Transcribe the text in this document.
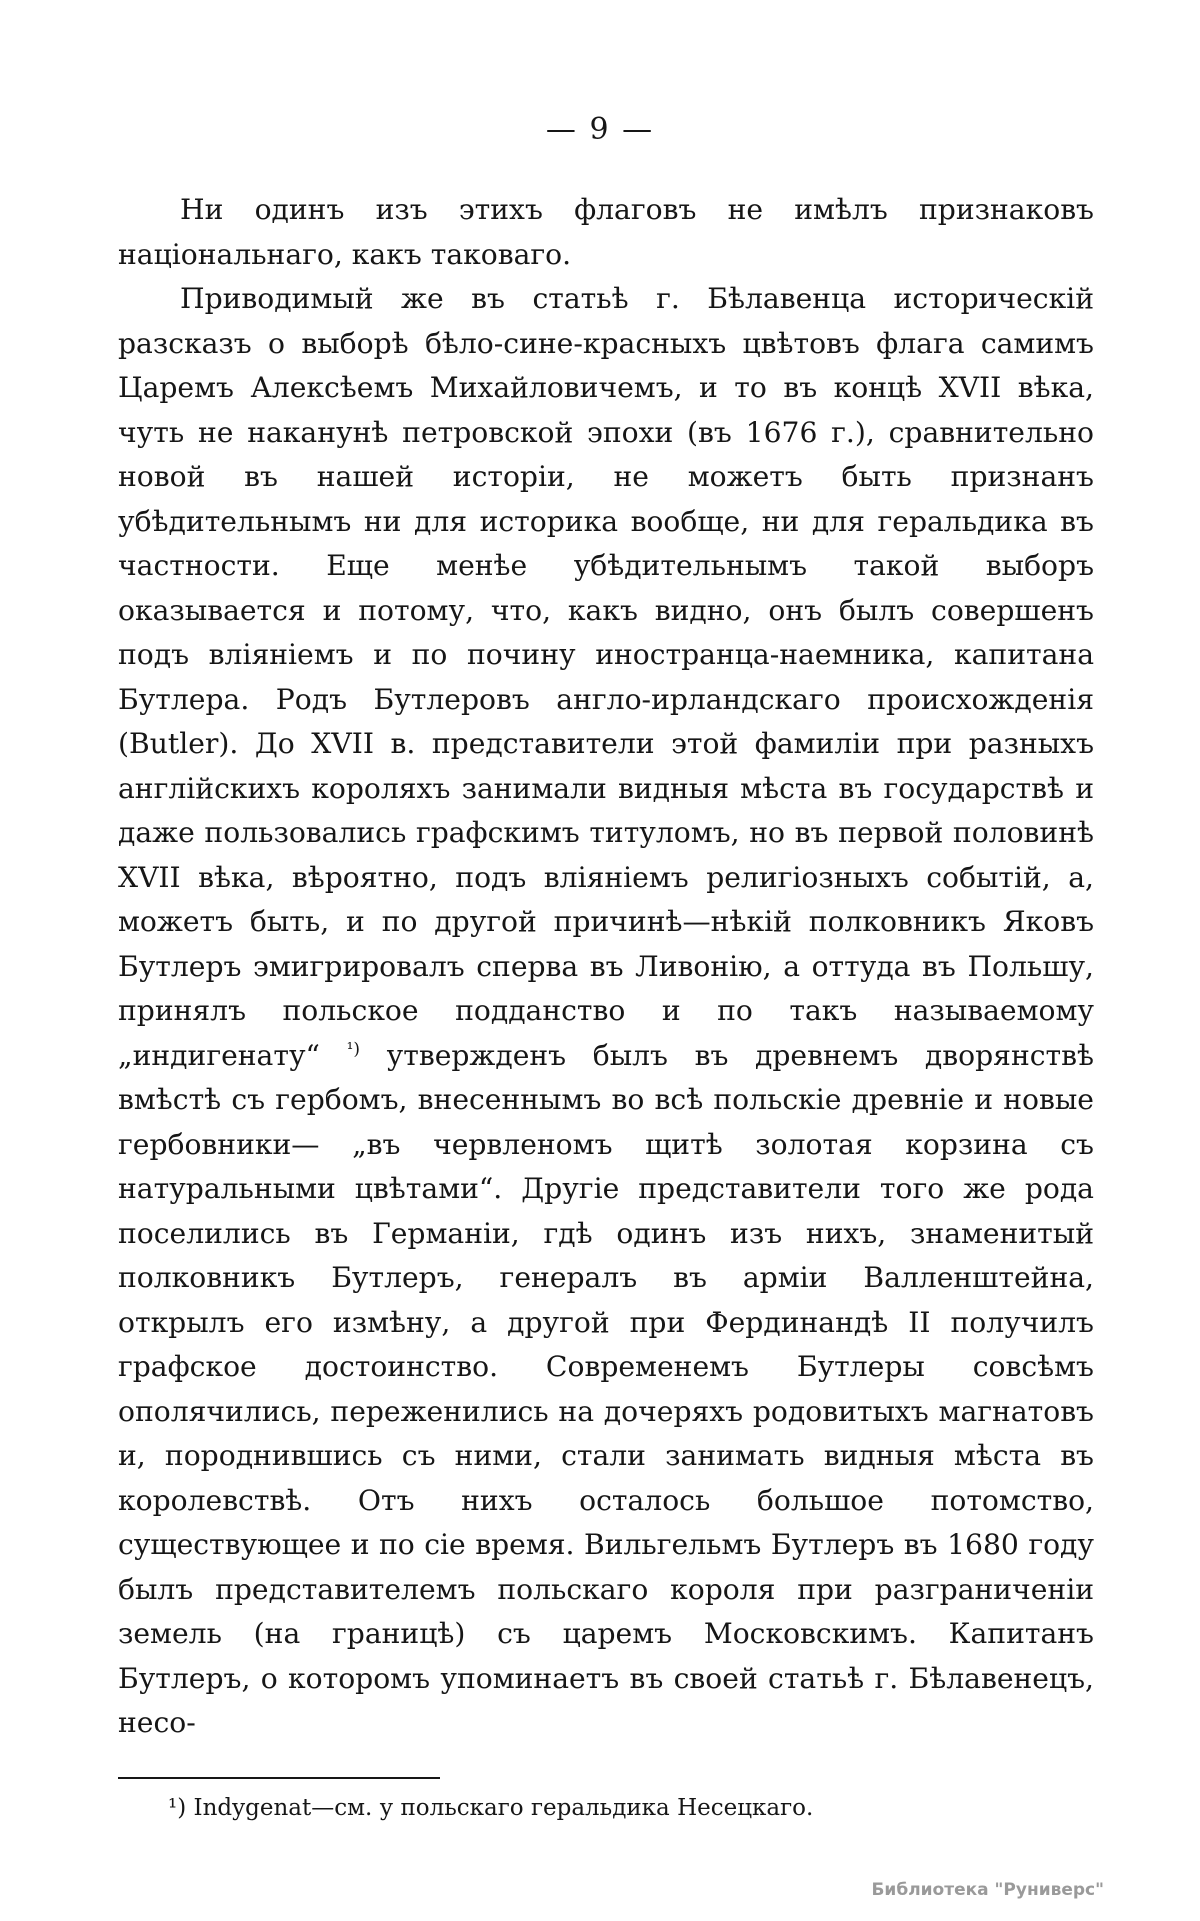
— 9 —

Ни одинъ изъ этихъ флаговъ не имѣлъ признаковъ національнаго, какъ таковаго.

Приводимый же въ статьѣ г. Бѣлавенца историческій разсказъ о выборѣ бѣло-сине-красныхъ цвѣтовъ флага самимъ Царемъ Алексѣемъ Михайловичемъ, и то въ концѣ XVII вѣка, чуть не наканунѣ петровской эпохи (въ 1676 г.), сравнительно новой въ нашей исторіи, не можетъ быть признанъ убѣдительнымъ ни для историка вообще, ни для геральдика въ частности. Еще менѣе убѣдительнымъ такой выборъ оказывается и потому, что, какъ видно, онъ былъ совершенъ подъ вліяніемъ и по почину иностранца-наемника, капитана Бутлера. Родъ Бутлеровъ англо-ирландскаго происхожденія (Butler). До XVII в. представители этой фамиліи при разныхъ англійскихъ короляхъ занимали видныя мѣста въ государствѣ и даже пользовались графскимъ титуломъ, но въ первой половинѣ XVII вѣка, вѣроятно, подъ вліяніемъ религіозныхъ событій, а, можетъ быть, и по другой причинѣ—нѣкій полковникъ Яковъ Бутлеръ эмигрировалъ сперва въ Ливонію, а оттуда въ Польшу, принялъ польское подданство и по такъ называемому „индигенату“ $^{^1)}$ утвержденъ былъ въ древнемъ дворянствѣ вмѣстѣ съ гербомъ, внесеннымъ во всѣ польскіе древніе и новые гербовники— „въ червленомъ щитѣ золотая корзина съ натуральными цвѣтами“. Другіе представители того же рода поселились въ Германіи, гдѣ одинъ изъ нихъ, знаменитый полковникъ Бутлеръ, генералъ въ арміи Валленштейна, открылъ его измѣну, а другой при Фердинандѣ II получилъ графское достоинство. Современемъ Бутлеры совсѣмъ ополячились, переженились на дочеряхъ родовитыхъ магнатовъ и, породнившись съ ними, стали занимать видныя мѣста въ королевствѣ. Отъ нихъ осталось большое потомство, существующее и по сіе время. Вильгельмъ Бутлеръ въ 1680 году былъ представителемъ польскаго короля при разграниченіи земель (на границѣ) съ царемъ Московскимъ. Капитанъ Бутлеръ, о которомъ упоминаетъ въ своей статьѣ г. Бѣлавенецъ, несо-

¹) Indygenat—см. у польскаго геральдика Несецкаго.
Библиотека "Руниверс"
